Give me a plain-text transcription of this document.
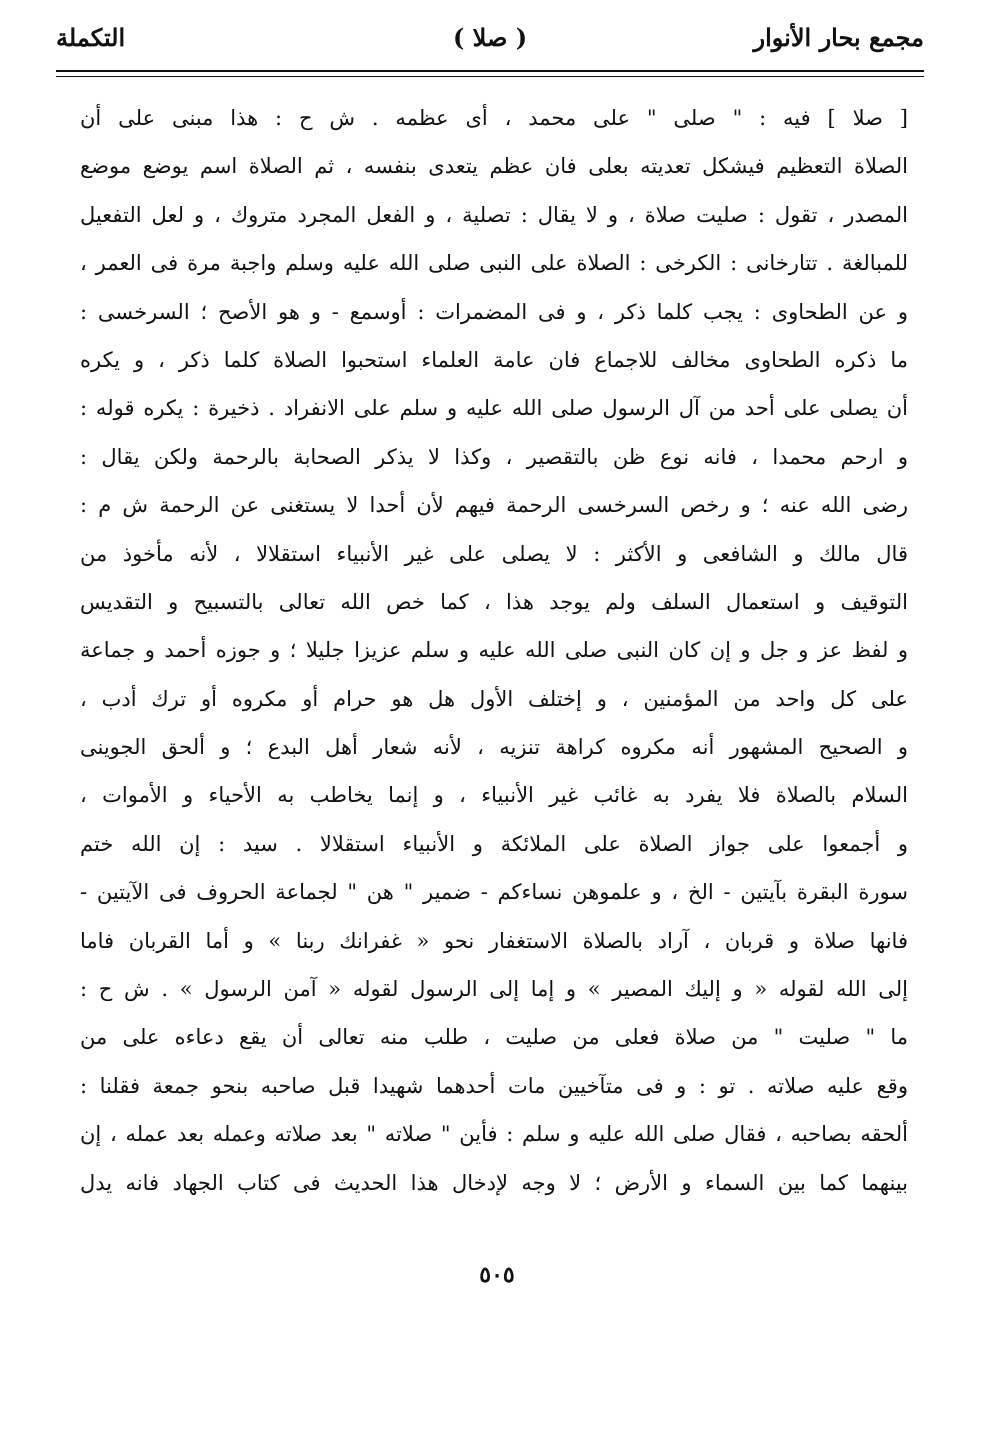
مجمع بحار الأنوار
( صلا )
التكملة
[ صلا ] فيه : " صلى " على محمد ، أى عظمه . ش ح : هذا مبنى على أن
الصلاة التعظيم فيشكل تعديته بعلى فان عظم يتعدى بنفسه ، ثم الصلاة اسم يوضع موضع
المصدر ، تقول : صليت صلاة ، و لا يقال : تصلية ، و الفعل المجرد متروك ، و لعل التفعيل
للمبالغة . تتارخانى : الكرخى : الصلاة على النبى صلى الله عليه وسلم واجبة مرة فى العمر ،
و عن الطحاوى : يجب كلما ذكر ، و فى المضمرات : أوسمع - و هو الأصح ؛ السرخسى :
ما ذكره الطحاوى مخالف للاجماع فان عامة العلماء استحبوا الصلاة كلما ذكر ، و يكره
أن يصلى على أحد من آل الرسول صلى الله عليه و سلم على الانفراد . ذخيرة : يكره قوله :
و ارحم محمدا ، فانه نوع ظن بالتقصير ، وكذا لا يذكر الصحابة بالرحمة ولكن يقال :
رضى الله عنه ؛ و رخص السرخسى الرحمة فيهم لأن أحدا لا يستغنى عن الرحمة ش م :
قال مالك و الشافعى و الأكثر : لا يصلى على غير الأنبياء استقلالا ، لأنه مأخوذ من
التوقيف و استعمال السلف ولم يوجد هذا ، كما خص الله تعالى بالتسبيح و التقديس
و لفظ عز و جل و إن كان النبى صلى الله عليه و سلم عزيزا جليلا ؛ و جوزه أحمد و جماعة
على كل واحد من المؤمنين ، و إختلف الأول هل هو حرام أو مكروه أو ترك أدب ،
و الصحيح المشهور أنه مكروه كراهة تنزيه ، لأنه شعار أهل البدع ؛ و ألحق الجوينى
السلام بالصلاة فلا يفرد به غائب غير الأنبياء ، و إنما يخاطب به الأحياء و الأموات ،
و أجمعوا على جواز الصلاة على الملائكة و الأنبياء استقلالا . سيد : إن الله ختم
سورة البقرة بآيتين - الخ ، و علموهن نساءكم - ضمير " هن " لجماعة الحروف فى الآيتين -
فانها صلاة و قربان ، آراد بالصلاة الاستغفار نحو « غفرانك ربنا » و أما القربان فاما
إلى الله لقوله « و إليك المصير » و إما إلى الرسول لقوله « آمن الرسول » . ش ح :
ما " صليت " من صلاة فعلى من صليت ، طلب منه تعالى أن يقع دعاءه على من
وقع عليه صلاته . تو : و فى متآخيين مات أحدهما شهيدا قبل صاحبه بنحو جمعة فقلنا :
ألحقه بصاحبه ، فقال صلى الله عليه و سلم : فأين " صلاته " بعد صلاته وعمله بعد عمله ، إن
بينهما كما بين السماء و الأرض ؛ لا وجه لإدخال هذا الحديث فى كتاب الجهاد فانه يدل
٥٠٥
